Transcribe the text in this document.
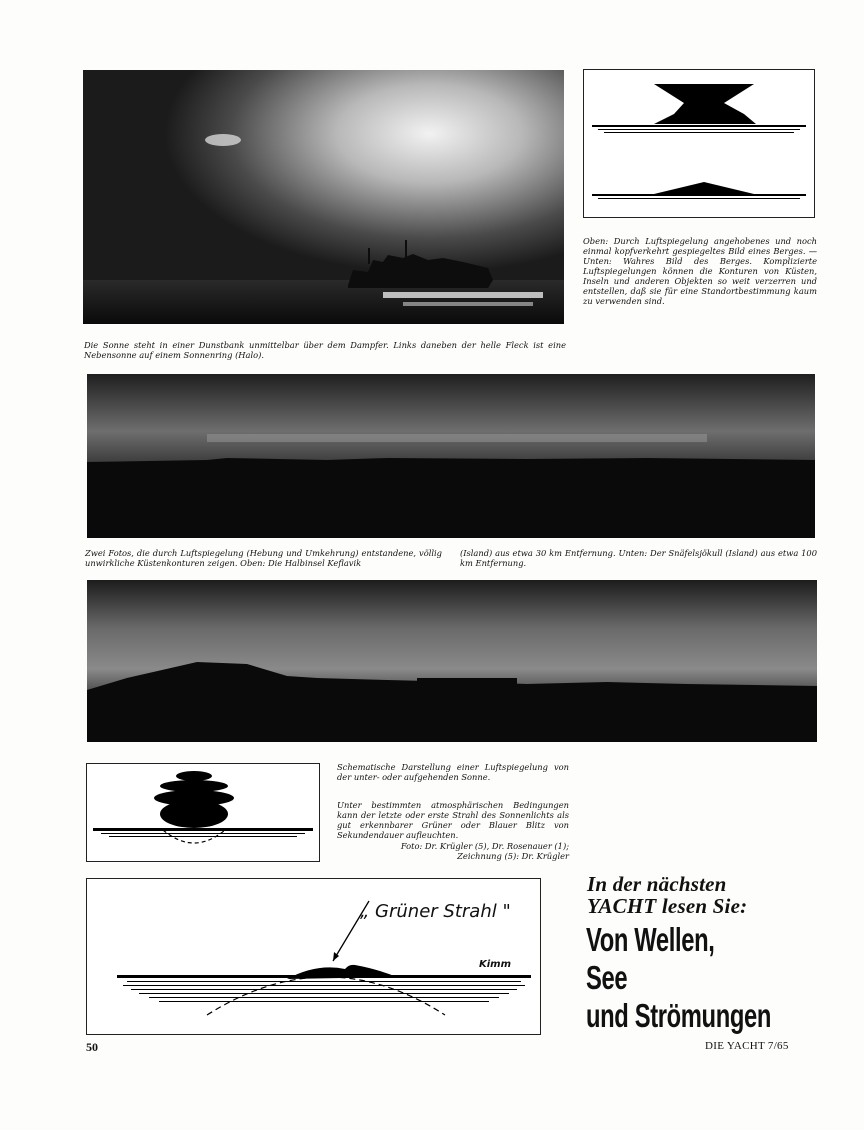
Oben: Durch Luftspiegelung angehobenes und noch einmal kopfverkehrt gespiegeltes Bild eines Berges. — Unten: Wahres Bild des Berges. Komplizierte Luftspiegelungen können die Konturen von Küsten, Inseln und anderen Objekten so weit verzerren und entstellen, daß sie für eine Standortbestimmung kaum zu verwenden sind.
Die Sonne steht in einer Dunstbank unmittelbar über dem Dampfer. Links daneben der helle Fleck ist eine Nebensonne auf einem Sonnenring (Halo).
Zwei Fotos, die durch Luftspiegelung (Hebung und Umkehrung) entstandene, völlig unwirkliche Küstenkonturen zeigen. Oben: Die Halbinsel Keflavik
(Island) aus etwa 30 km Entfernung. Unten: Der Snäfelsjökull (Island) aus etwa 100 km Entfernung.
Schematische Darstellung einer Luftspiegelung von der unter- oder aufgehenden Sonne.
Unter bestimmten atmosphärischen Bedingungen kann der letzte oder erste Strahl des Sonnenlichts als gut erkennbarer Grüner oder Blauer Blitz von Sekundendauer aufleuchten.
Foto: Dr. Krügler (5), Dr. Rosenauer (1);
Zeichnung (5): Dr. Krügler
„ Grüner Strahl "
Kimm
In der nächsten
YACHT lesen Sie:
Von Wellen,
See
und Strömungen
50	DIE YACHT 7/65
